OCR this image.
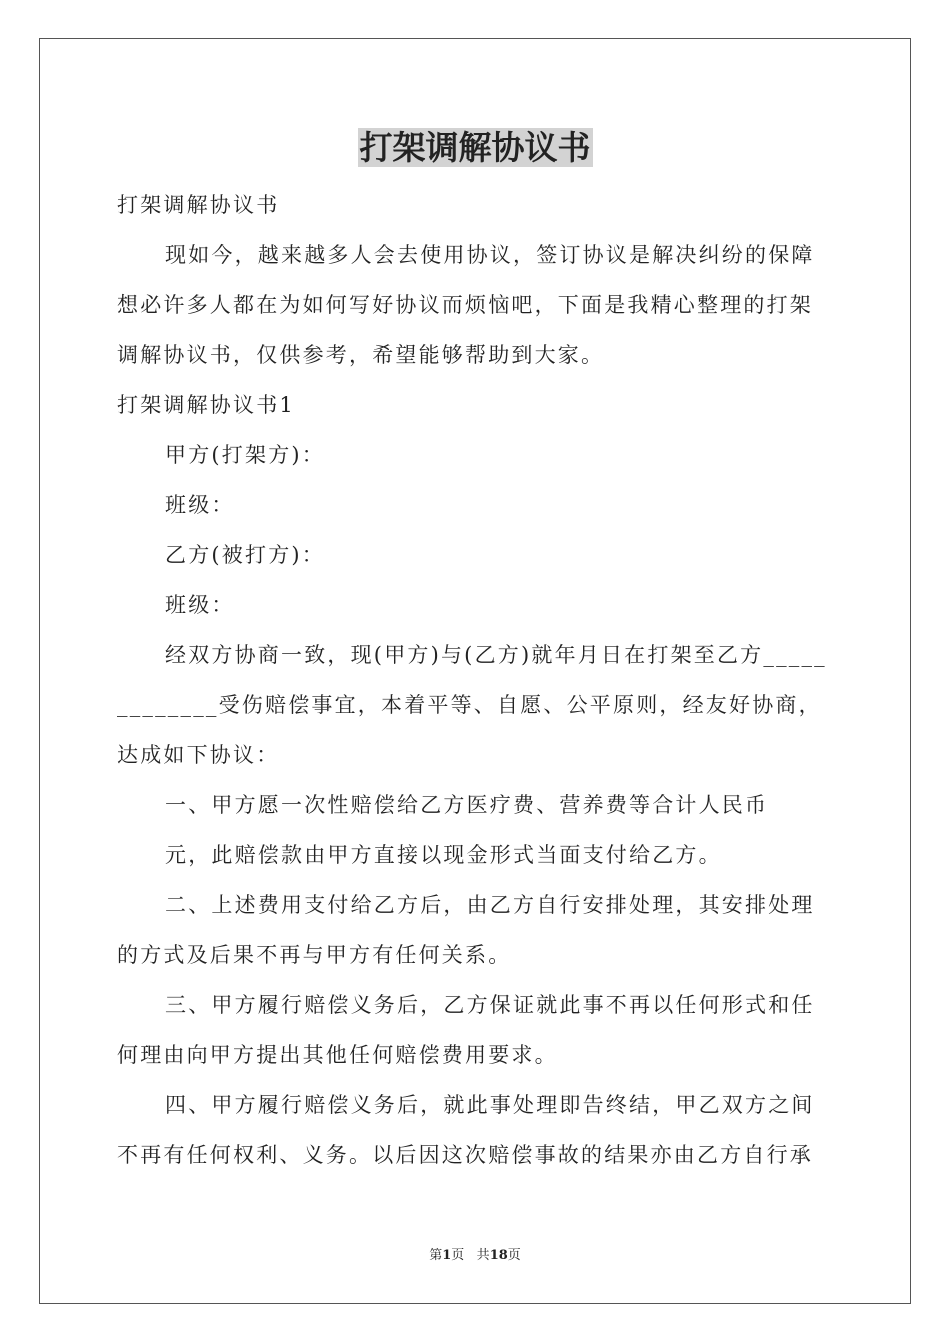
打架调解协议书

打架调解协议书

现如今，越来越多人会去使用协议，签订协议是解决纠纷的保障想必许多人都在为如何写好协议而烦恼吧，下面是我精心整理的打架调解协议书，仅供参考，希望能够帮助到大家。

打架调解协议书1

甲方(打架方)：

班级：

乙方(被打方)：

班级：

经双方协商一致，现(甲方)与(乙方)就年月日在打架至乙方_____________受伤赔偿事宜，本着平等、自愿、公平原则，经友好协商，达成如下协议：

一、甲方愿一次性赔偿给乙方医疗费、营养费等合计人民币

元，此赔偿款由甲方直接以现金形式当面支付给乙方。

二、上述费用支付给乙方后，由乙方自行安排处理，其安排处理的方式及后果不再与甲方有任何关系。

三、甲方履行赔偿义务后，乙方保证就此事不再以任何形式和任何理由向甲方提出其他任何赔偿费用要求。

四、甲方履行赔偿义务后，就此事处理即告终结，甲乙双方之间不再有任何权利、义务。以后因这次赔偿事故的结果亦由乙方自行承

第1页 共18页
